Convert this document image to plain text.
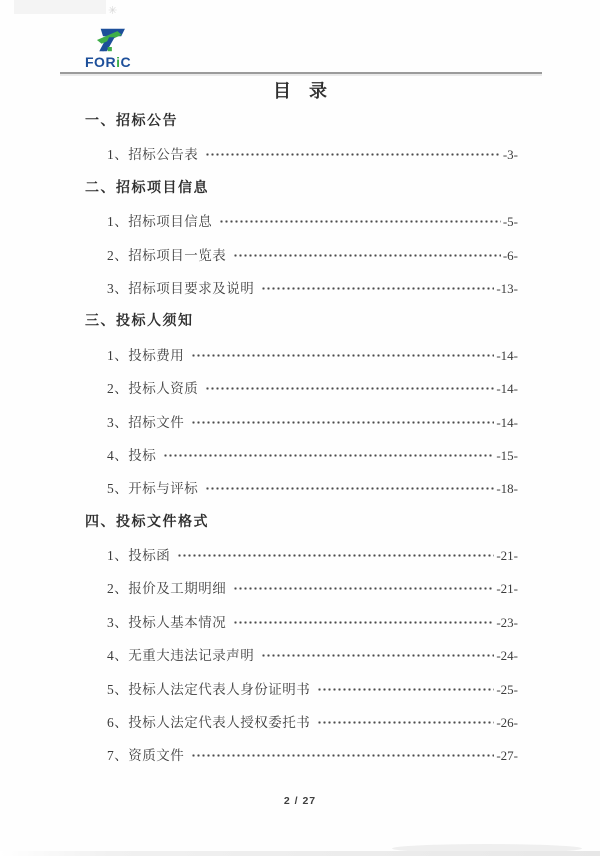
✳
FORiC
目　录
一、招标公告
1、招标公告表	-3-
二、招标项目信息
1、招标项目信息	-5-
2、招标项目一览表	-6-
3、招标项目要求及说明	-13-
三、投标人须知
1、投标费用	-14-
2、投标人资质	-14-
3、招标文件	-14-
4、投标	-15-
5、开标与评标	-18-
四、投标文件格式
1、投标函	-21-
2、报价及工期明细	-21-
3、投标人基本情况	-23-
4、无重大违法记录声明	-24-
5、投标人法定代表人身份证明书	-25-
6、投标人法定代表人授权委托书	-26-
7、资质文件	-27-
2 / 27
